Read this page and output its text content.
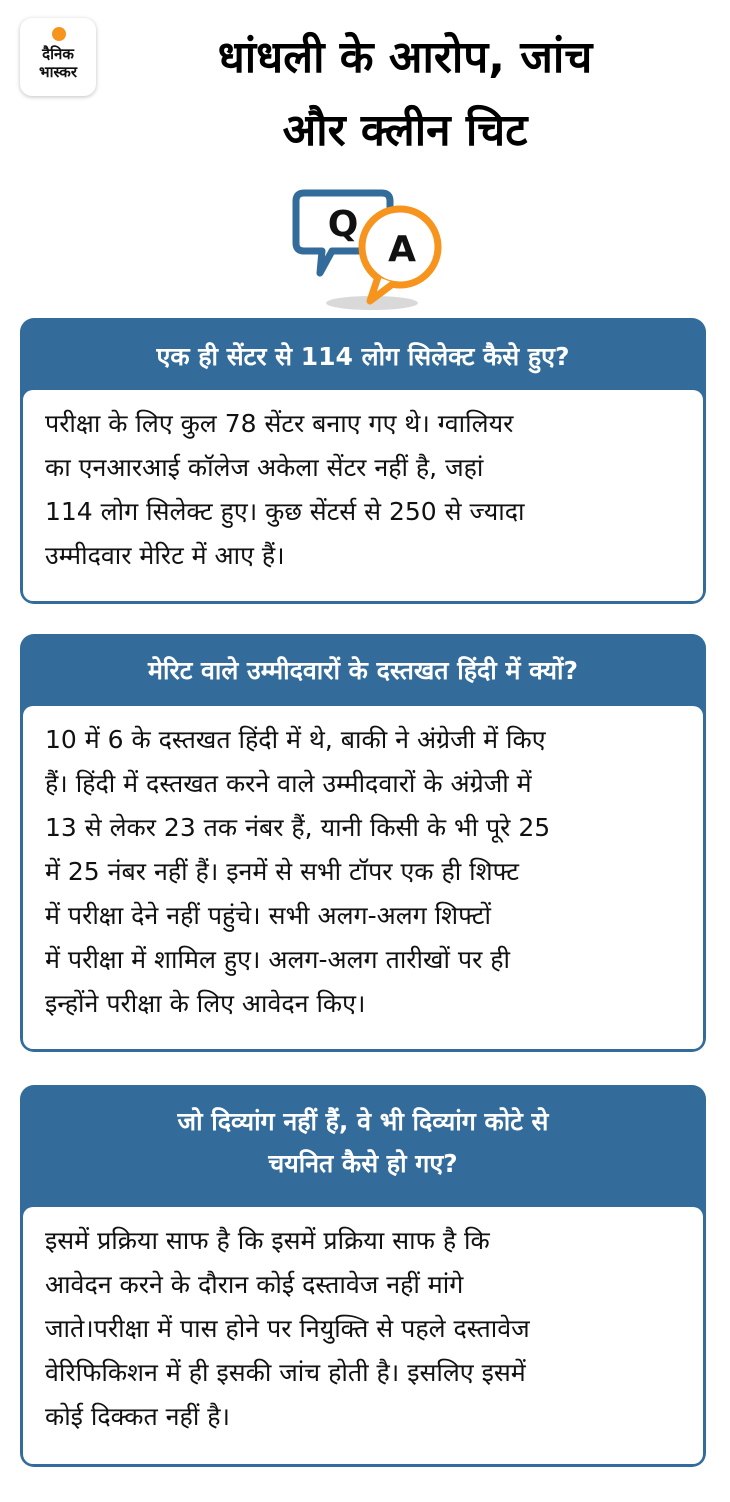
दैनिक
भास्कर	धांधली के आरोप, जांच
और क्लीन चिट
Q
A
एक ही सेंटर से 114 लोग सिलेक्ट कैसे हुए?
परीक्षा के लिए कुल 78 सेंटर बनाए गए थे। ग्वालियर
का एनआरआई कॉलेज अकेला सेंटर नहीं है, जहां
114 लोग सिलेक्ट हुए। कुछ सेंटर्स से 250 से ज्यादा
उम्मीदवार मेरिट में आए हैं।
मेरिट वाले उम्मीदवारों के दस्तखत हिंदी में क्यों?
10 में 6 के दस्तखत हिंदी में थे, बाकी ने अंग्रेजी में किए
हैं। हिंदी में दस्तखत करने वाले उम्मीदवारों के अंग्रेजी में
13 से लेकर 23 तक नंबर हैं, यानी किसी के भी पूरे 25
में 25 नंबर नहीं हैं। इनमें से सभी टॉपर एक ही शिफ्ट
में परीक्षा देने नहीं पहुंचे। सभी अलग-अलग शिफ्टों
में परीक्षा में शामिल हुए। अलग-अलग तारीखों पर ही
इन्होंने परीक्षा के लिए आवेदन किए।
जो दिव्यांग नहीं हैं, वे भी दिव्यांग कोटे से
चयनित कैसे हो गए?
इसमें प्रक्रिया साफ है कि इसमें प्रक्रिया साफ है कि
आवेदन करने के दौरान कोई दस्तावेज नहीं मांगे
जाते।परीक्षा में पास होने पर नियुक्ति से पहले दस्तावेज
वेरिफिकिशन में ही इसकी जांच होती है। इसलिए इसमें
कोई दिक्कत नहीं है।
